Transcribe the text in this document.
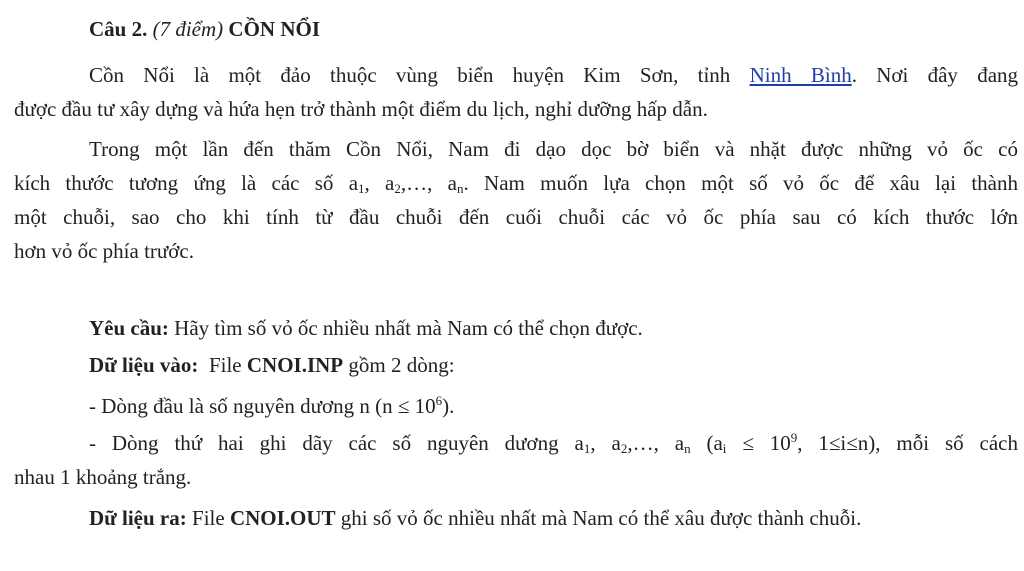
Câu 2. (7 điểm) CỒN NỔI
Cồn Nổi là một đảo thuộc vùng biển huyện Kim Sơn, tỉnh Ninh Bình. Nơi đây đang
được đầu tư xây dựng và hứa hẹn trở thành một điểm du lịch, nghỉ dưỡng hấp dẫn.
Trong một lần đến thăm Cồn Nổi, Nam đi dạo dọc bờ biển và nhặt được những vỏ ốc có
kích thước tương ứng là các số $a_1$, $a_2,\dots$, $a_n$. Nam muốn lựa chọn một số vỏ ốc để xâu lại thành
một chuỗi, sao cho khi tính từ đầu chuỗi đến cuối chuỗi các vỏ ốc phía sau có kích thước lớn
hơn vỏ ốc phía trước.
Yêu cầu: Hãy tìm số vỏ ốc nhiều nhất mà Nam có thể chọn được.
Dữ liệu vào:  File CNOI.INP gồm 2 dòng:
- Dòng đầu là số nguyên dương n $(n \le 10^6)$.
- Dòng thứ hai ghi dãy các số nguyên dương $a_1$, $a_2,\dots$, $a_n$ ($a_i \le 10^9$, 1≤i≤n), mỗi số cách
nhau 1 khoảng trắng.
Dữ liệu ra: File CNOI.OUT ghi số vỏ ốc nhiều nhất mà Nam có thể xâu được thành chuỗi.
